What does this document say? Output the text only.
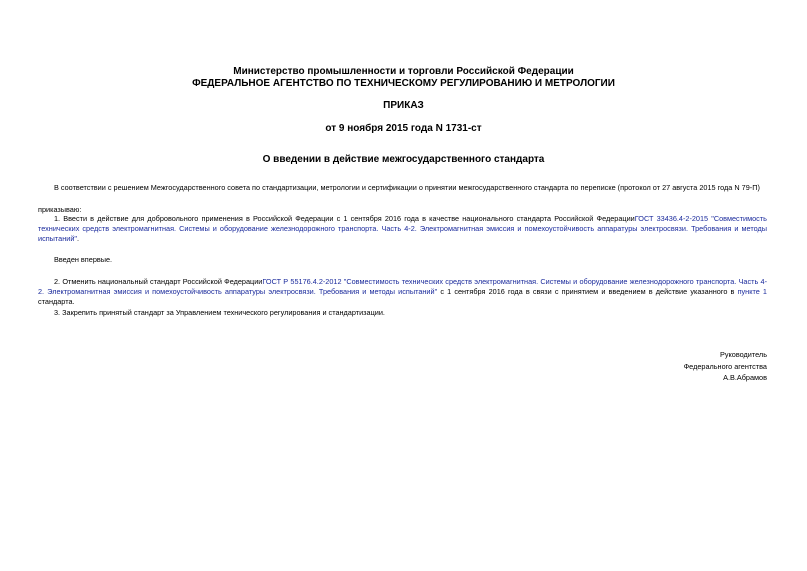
Министерство промышленности и торговли Российской Федерации
ФЕДЕРАЛЬНОЕ АГЕНТСТВО ПО ТЕХНИЧЕСКОМУ РЕГУЛИРОВАНИЮ И МЕТРОЛОГИИ
ПРИКАЗ
от 9 ноября 2015 года N 1731-ст
О введении в действие межгосударственного стандарта
В соответствии с решением Межгосударственного совета по стандартизации, метрологии и сертификации о принятии межгосударственного стандарта по переписке (протокол от 27 августа 2015 года N 79-П)
приказываю:
1. Ввести в действие для добровольного применения в Российской Федерации с 1 сентября 2016 года в качестве национального стандарта Российской ФедерацииГОСТ 33436.4-2-2015 "Совместимость технических средств электромагнитная. Системы и оборудование железнодорожного транспорта. Часть 4-2. Электромагнитная эмиссия и помехоустойчивость аппаратуры электросвязи. Требования и методы испытаний".
Введен впервые.
2. Отменить национальный стандарт Российской ФедерацииГОСТ Р 55176.4.2-2012 "Совместимость технических средств электромагнитная. Системы и оборудование железнодорожного транспорта. Часть 4-2. Электромагнитная эмиссия и помехоустойчивость аппаратуры электросвязи. Требования и методы испытаний" с 1 сентября 2016 года в связи с принятием и введением в действие указанного в пункте 1 стандарта.
3. Закрепить принятый стандарт за Управлением технического регулирования и стандартизации.
Руководитель
Федерального агентства
А.В.Абрамов
